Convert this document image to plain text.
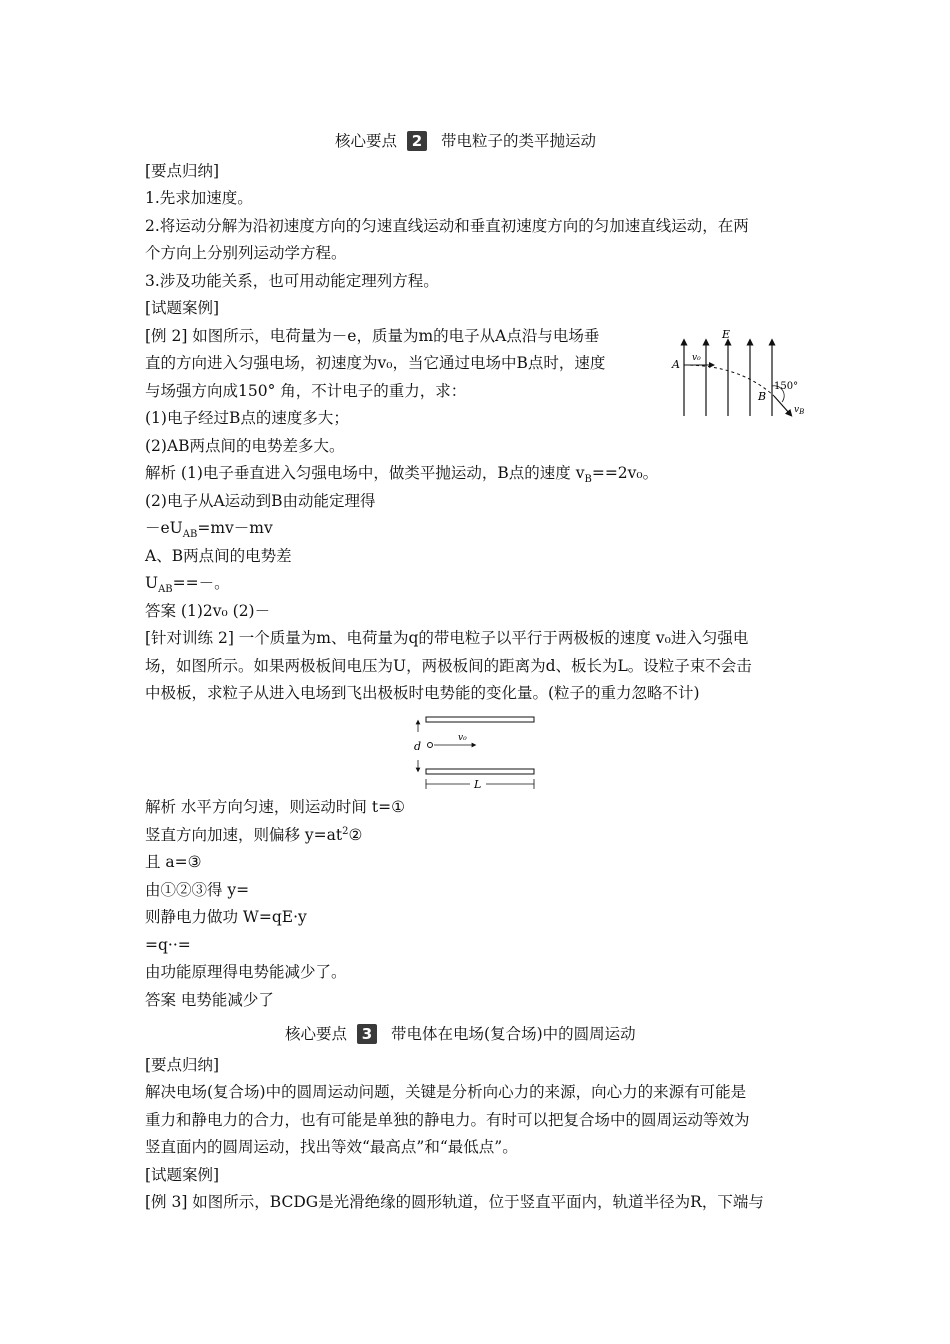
核心要点 2	带电粒子的类平抛运动
[要点归纳]
1.先求加速度。
2.将运动分解为沿初速度方向的匀速直线运动和垂直初速度方向的匀加速直线运动，在两
个方向上分别列运动学方程。
3.涉及功能关系，也可用动能定理列方程。
[试题案例]
[例 2] 如图所示，电荷量为－e，质量为m的电子从A点沿与电场垂
直的方向进入匀强电场，初速度为v₀，当它通过电场中B点时，速度
与场强方向成150° 角，不计电子的重力，求：
(1)电子经过B点的速度多大；
(2)AB两点间的电势差多大。
E
A v₀
B
150°
$v_B$
解析 (1)电子垂直进入匀强电场中，做类平抛运动，B点的速度 $v_B==2v_0$。
(2)电子从A运动到B由动能定理得
$-eU_{AB}=mv-mv$
A、B两点间的电势差
$U_{AB}==-$。
答案 (1)2v₀ (2)－
[针对训练 2] 一个质量为m、电荷量为q的带电粒子以平行于两极板的速度 v₀进入匀强电
场，如图所示。如果两极板间电压为U，两极板间的距离为d、板长为L。设粒子束不会击
中极板，求粒子从进入电场到飞出极板时电势能的变化量。(粒子的重力忽略不计)
d
v₀
L
解析 水平方向匀速，则运动时间 t=①
竖直方向加速，则偏移 $y=at^2②$
且 a=③
由①②③得 y=
则静电力做功 W=qE·y
=q··=
由功能原理得电势能减少了。
答案 电势能减少了
核心要点 3	带电体在电场(复合场)中的圆周运动
[要点归纳]
解决电场(复合场)中的圆周运动问题，关键是分析向心力的来源，向心力的来源有可能是
重力和静电力的合力，也有可能是单独的静电力。有时可以把复合场中的圆周运动等效为
竖直面内的圆周运动，找出等效“最高点”和“最低点”。
[试题案例]
[例 3] 如图所示，BCDG是光滑绝缘的圆形轨道，位于竖直平面内，轨道半径为R，下端与
